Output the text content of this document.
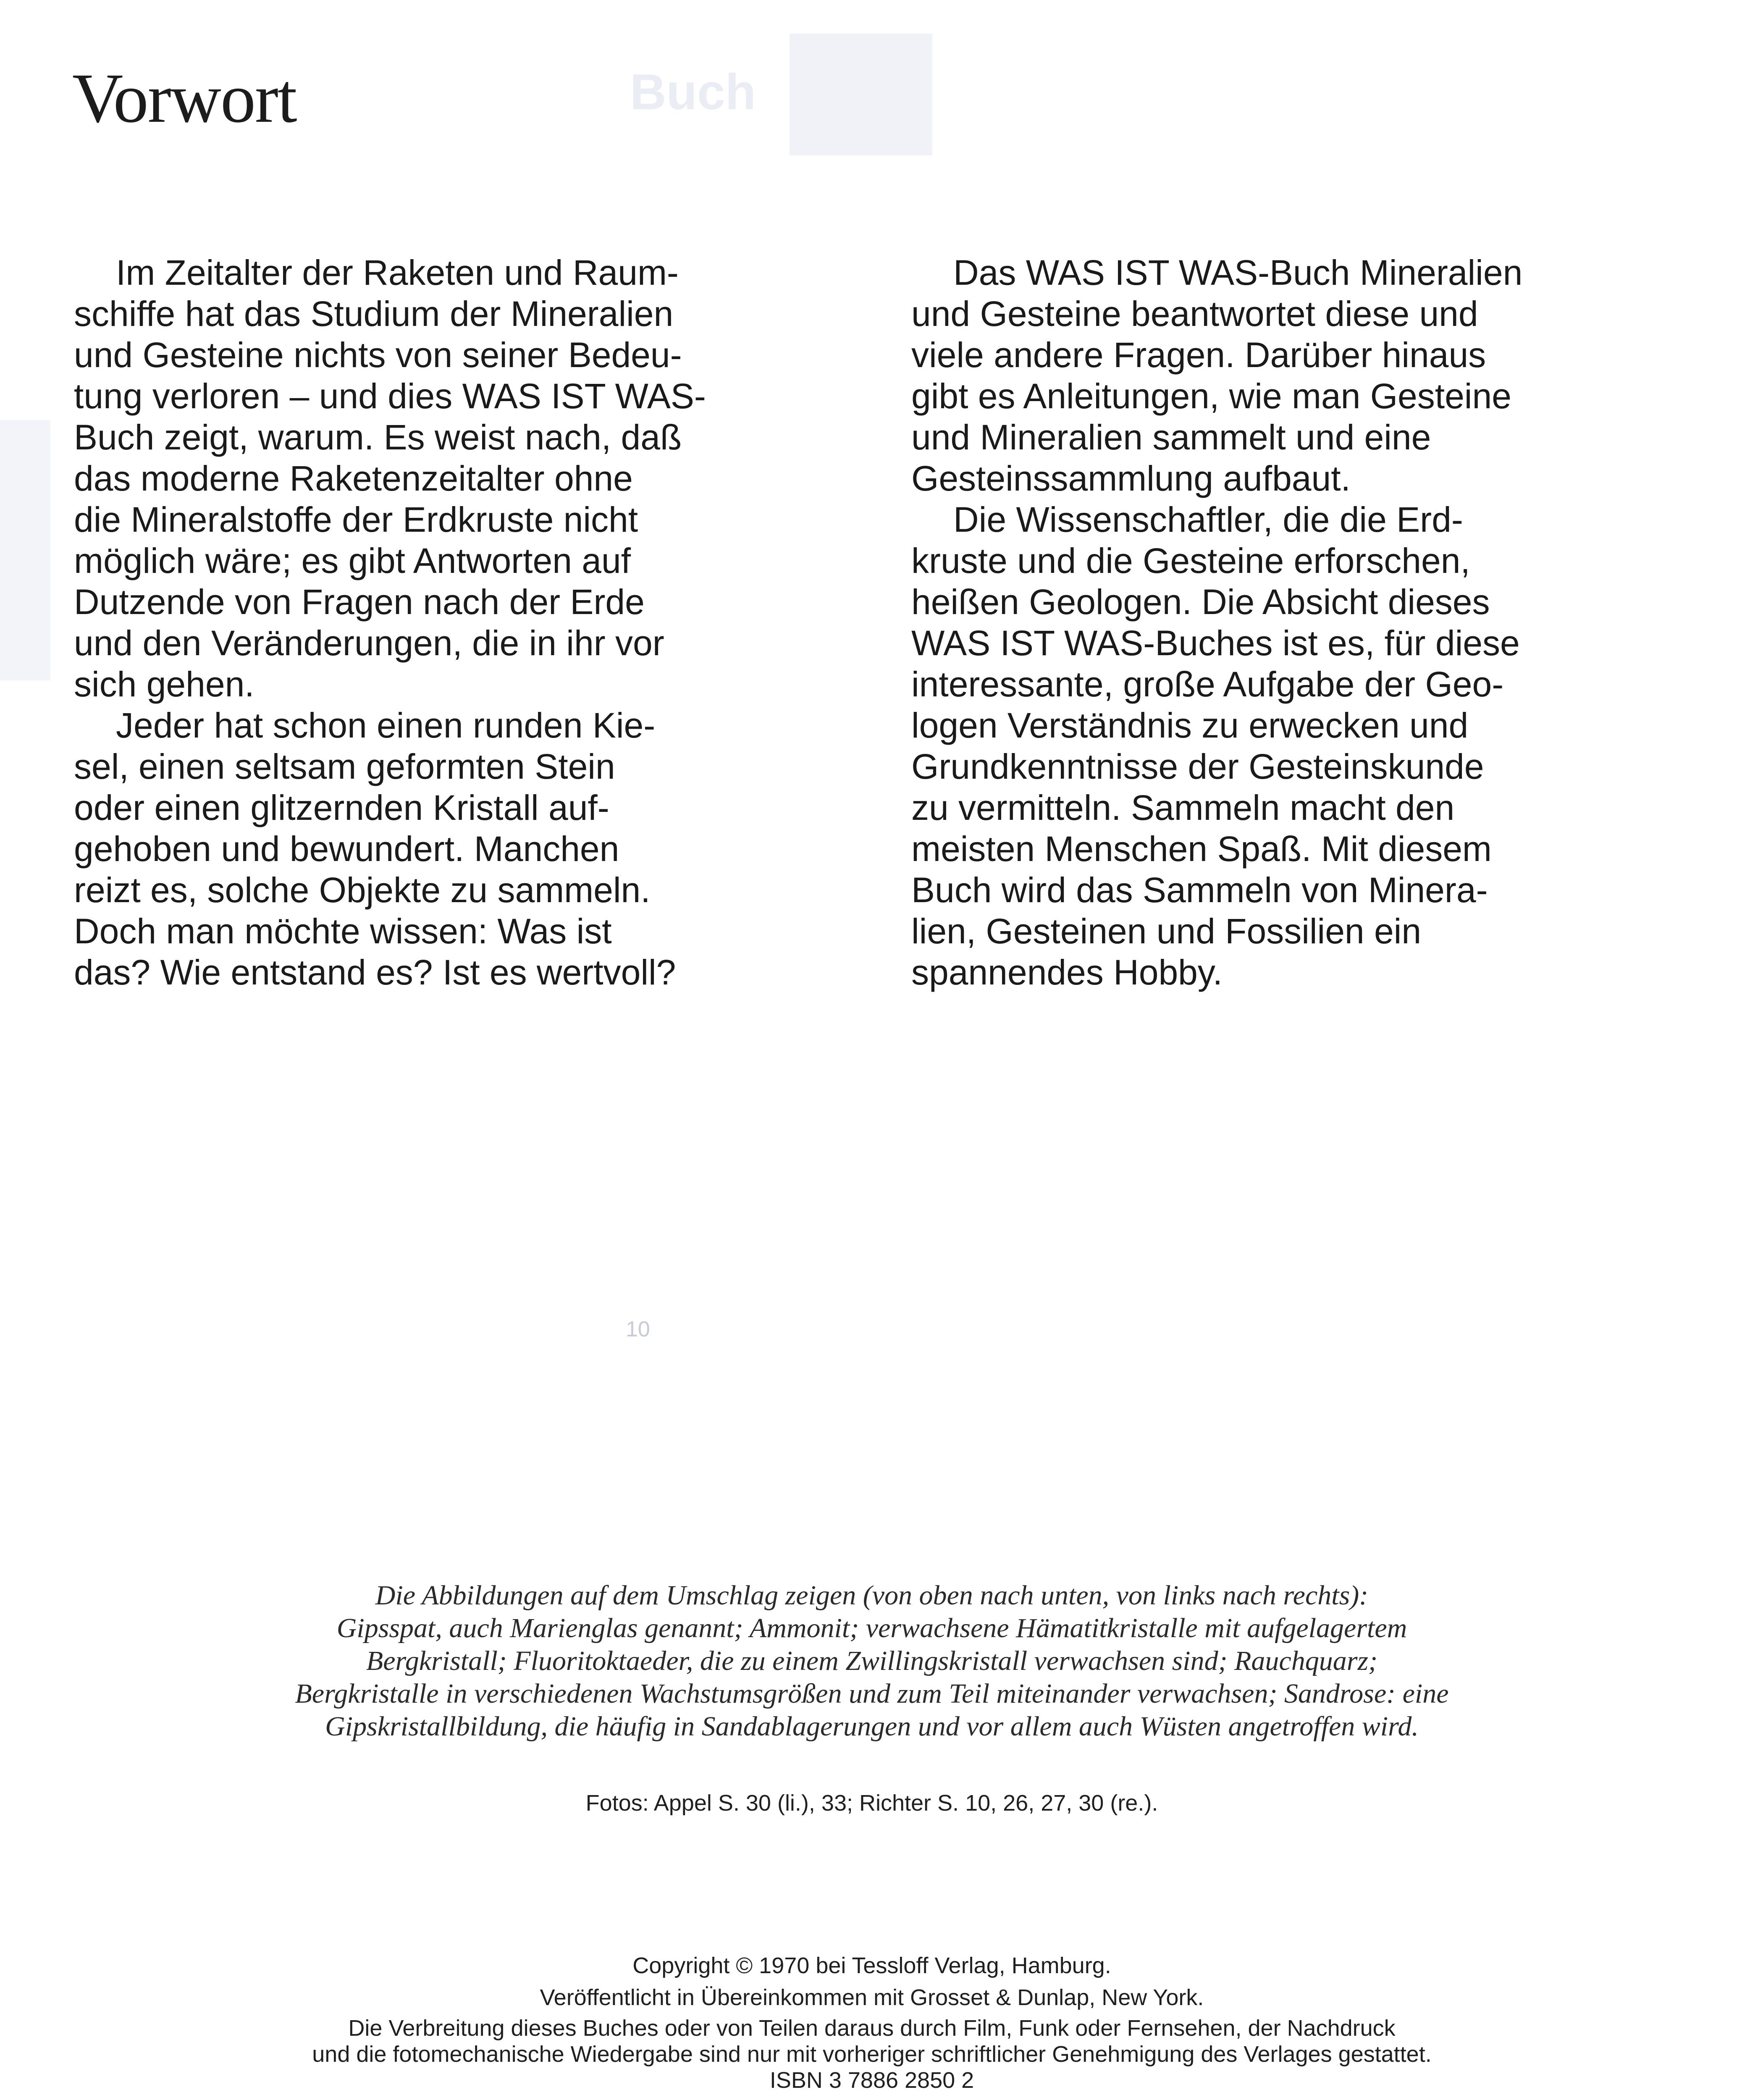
Buch
Vorwort
Im Zeitalter der Raketen und Raum-
schiffe hat das Studium der Mineralien
und Gesteine nichts von seiner Bedeu-
tung verloren – und dies WAS IST WAS-
Buch zeigt, warum. Es weist nach, daß
das moderne Raketenzeitalter ohne
die Mineralstoffe der Erdkruste nicht
möglich wäre; es gibt Antworten auf
Dutzende von Fragen nach der Erde
und den Veränderungen, die in ihr vor
sich gehen.
Jeder hat schon einen runden Kie-
sel, einen seltsam geformten Stein
oder einen glitzernden Kristall auf-
gehoben und bewundert. Manchen
reizt es, solche Objekte zu sammeln.
Doch man möchte wissen: Was ist
das? Wie entstand es? Ist es wertvoll?
Das WAS IST WAS-Buch Mineralien
und Gesteine beantwortet diese und
viele andere Fragen. Darüber hinaus
gibt es Anleitungen, wie man Gesteine
und Mineralien sammelt und eine
Gesteinssammlung aufbaut.
Die Wissenschaftler, die die Erd-
kruste und die Gesteine erforschen,
heißen Geologen. Die Absicht dieses
WAS IST WAS-Buches ist es, für diese
interessante, große Aufgabe der Geo-
logen Verständnis zu erwecken und
Grundkenntnisse der Gesteinskunde
zu vermitteln. Sammeln macht den
meisten Menschen Spaß. Mit diesem
Buch wird das Sammeln von Minera-
lien, Gesteinen und Fossilien ein
spannendes Hobby.
10
Die Abbildungen auf dem Umschlag zeigen (von oben nach unten, von links nach rechts):
Gipsspat, auch Marienglas genannt; Ammonit; verwachsene Hämatitkristalle mit aufgelagertem
Bergkristall; Fluoritoktaeder, die zu einem Zwillingskristall verwachsen sind; Rauchquarz;
Bergkristalle in verschiedenen Wachstumsgrößen und zum Teil miteinander verwachsen; Sandrose: eine
Gipskristallbildung, die häufig in Sandablagerungen und vor allem auch Wüsten angetroffen wird.

Fotos: Appel S. 30 (li.), 33; Richter S. 10, 26, 27, 30 (re.).

Copyright © 1970 bei Tessloff Verlag, Hamburg.
Veröffentlicht in Übereinkommen mit Grosset & Dunlap, New York.
Die Verbreitung dieses Buches oder von Teilen daraus durch Film, Funk oder Fernsehen, der Nachdruck
und die fotomechanische Wiedergabe sind nur mit vorheriger schriftlicher Genehmigung des Verlages gestattet.
ISBN 3 7886 2850 2
